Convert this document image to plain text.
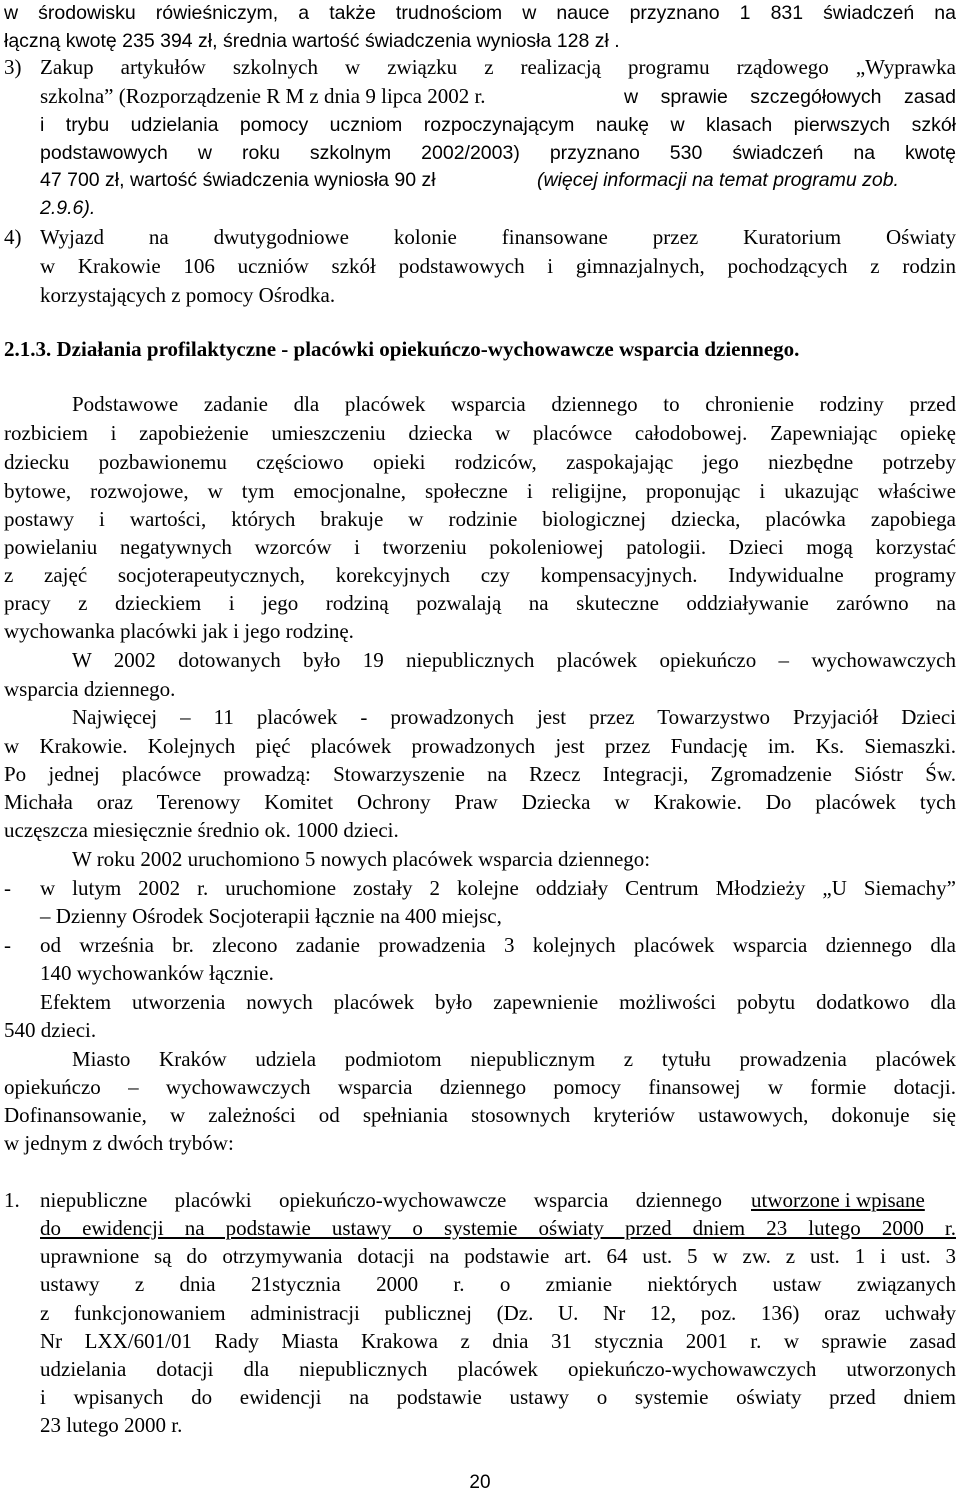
w środowisku rówieśniczym, a także trudnościom w nauce przyznano 1 831 świadczeń na
łączną kwotę 235 394 zł, średnia wartość świadczenia wyniosła 128 zł .
3) Zakup artykułów szkolnych w związku z realizacją programu rządowego „Wyprawka
szkolna” (Rozporządzenie R M z dnia 9 lipca 2002 r.	w sprawie szczegółowych zasad
i trybu udzielania pomocy uczniom rozpoczynającym naukę w klasach pierwszych szkół
podstawowych w roku szkolnym 2002/2003) przyznano 530 świadczeń na kwotę
47 700 zł, wartość świadczenia wyniosła 90 zł	(więcej informacji na temat programu zob.
2.9.6).
4) Wyjazd na dwutygodniowe kolonie finansowane przez Kuratorium Oświaty
w Krakowie 106 uczniów szkół podstawowych i gimnazjalnych, pochodzących z rodzin
korzystających z pomocy Ośrodka.
2.1.3. Działania profilaktyczne - placówki opiekuńczo-wychowawcze wsparcia dziennego.
Podstawowe zadanie dla placówek wsparcia dziennego to chronienie rodziny przed
rozbiciem i zapobieżenie umieszczeniu dziecka w placówce całodobowej. Zapewniając opiekę
dziecku pozbawionemu częściowo opieki rodziców, zaspokajając jego niezbędne potrzeby
bytowe, rozwojowe, w tym emocjonalne, społeczne i religijne, proponując i ukazując właściwe
postawy i wartości, których brakuje w rodzinie biologicznej dziecka, placówka zapobiega
powielaniu negatywnych wzorców i tworzeniu pokoleniowej patologii. Dzieci mogą korzystać
z zajęć socjoterapeutycznych, korekcyjnych czy kompensacyjnych. Indywidualne programy
pracy z dzieckiem i jego rodziną pozwalają na skuteczne oddziaływanie zarówno na
wychowanka placówki jak i jego rodzinę.
W 2002 dotowanych było 19 niepublicznych placówek opiekuńczo – wychowawczych
wsparcia dziennego.
Najwięcej – 11 placówek - prowadzonych jest przez Towarzystwo Przyjaciół Dzieci
w Krakowie. Kolejnych pięć placówek prowadzonych jest przez Fundację im. Ks. Siemaszki.
Po jednej placówce prowadzą: Stowarzyszenie na Rzecz Integracji, Zgromadzenie Sióstr Św.
Michała oraz Terenowy Komitet Ochrony Praw Dziecka w Krakowie. Do placówek tych
uczęszcza miesięcznie średnio ok. 1000 dzieci.
W roku 2002 uruchomiono 5 nowych placówek wsparcia dziennego:
- w lutym 2002 r. uruchomione zostały 2 kolejne oddziały Centrum Młodzieży „U Siemachy”
– Dzienny Ośrodek Socjoterapii łącznie na 400 miejsc,
- od września br. zlecono zadanie prowadzenia 3 kolejnych placówek wsparcia dziennego dla
140 wychowanków łącznie.
Efektem utworzenia nowych placówek było zapewnienie możliwości pobytu dodatkowo dla
540 dzieci.
Miasto Kraków udziela podmiotom niepublicznym z tytułu prowadzenia placówek
opiekuńczo – wychowawczych wsparcia dziennego pomocy finansowej w formie dotacji.
Dofinansowanie, w zależności od spełniania stosownych kryteriów ustawowych, dokonuje się
w jednym z dwóch trybów:
1. niepubliczne placówki opiekuńczo-wychowawcze wsparcia dziennego utworzone i wpisane
do ewidencji na podstawie ustawy o systemie oświaty przed dniem 23 lutego 2000 r.
uprawnione są do otrzymywania dotacji na podstawie art. 64 ust. 5 w zw. z ust. 1 i ust. 3
ustawy z dnia 21stycznia 2000 r. o zmianie niektórych ustaw związanych
z funkcjonowaniem administracji publicznej (Dz. U. Nr 12, poz. 136) oraz uchwały
Nr LXX/601/01 Rady Miasta Krakowa z dnia 31 stycznia 2001 r. w sprawie zasad
udzielania dotacji dla niepublicznych placówek opiekuńczo-wychowawczych utworzonych
i wpisanych do ewidencji na podstawie ustawy o systemie oświaty przed dniem
23 lutego 2000 r.
20
